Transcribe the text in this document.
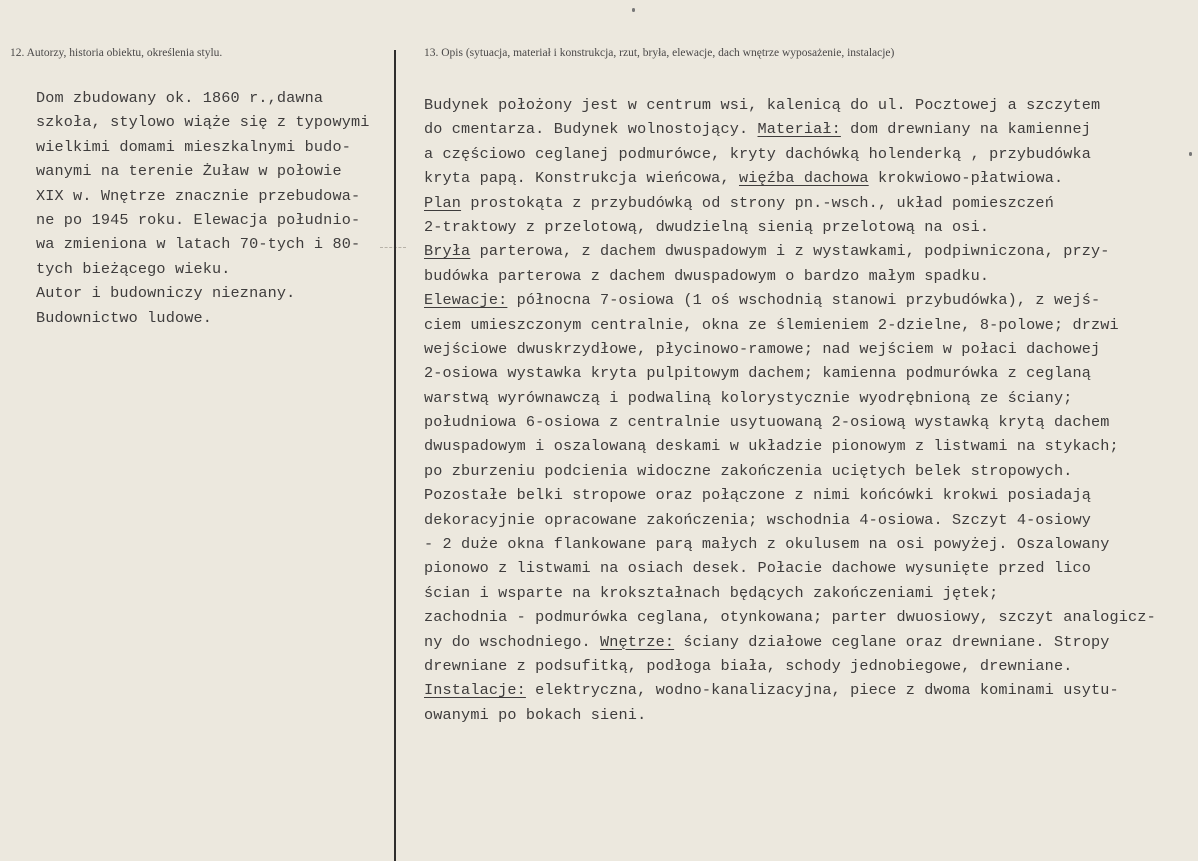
12. Autorzy, historia obiektu, określenia stylu.	13. Opis (sytuacja, materiał i konstrukcja, rzut, bryła, elewacje, dach wnętrze wyposażenie, instalacje)
Dom zbudowany ok. 1860 r.,dawna
szkoła, stylowo wiąże się z typowymi
wielkimi domami mieszkalnymi budo-
wanymi na terenie Żuław w połowie
XIX w. Wnętrze znacznie przebudowa-
ne po 1945 roku. Elewacja południo-
wa zmieniona w latach 70-tych i 80-
tych bieżącego wieku.
Autor i budowniczy nieznany.
Budownictwo ludowe.
Budynek położony jest w centrum wsi, kalenicą do ul. Pocztowej a szczytem
do cmentarza. Budynek wolnostojący. Materiał: dom drewniany na kamiennej
a częściowo ceglanej podmurówce, kryty dachówką holenderką , przybudówka
kryta papą. Konstrukcja wieńcowa, więźba dachowa krokwiowo-płatwiowa.
Plan prostokąta z przybudówką od strony pn.-wsch., układ pomieszczeń
2-traktowy z przelotową, dwudzielną sienią przelotową na osi.
Bryła parterowa, z dachem dwuspadowym i z wystawkami, podpiwniczona, przy-
budówka parterowa z dachem dwuspadowym o bardzo małym spadku.
Elewacje: północna 7-osiowa (1 oś wschodnią stanowi przybudówka), z wejś-
ciem umieszczonym centralnie, okna ze ślemieniem 2-dzielne, 8-polowe; drzwi
wejściowe dwuskrzydłowe, płycinowo-ramowe; nad wejściem w połaci dachowej
2-osiowa wystawka kryta pulpitowym dachem; kamienna podmurówka z ceglaną
warstwą wyrównawczą i podwaliną kolorystycznie wyodrębnioną ze ściany;
południowa 6-osiowa z centralnie usytuowaną 2-osiową wystawką krytą dachem
dwuspadowym i oszalowaną deskami w układzie pionowym z listwami na stykach;
po zburzeniu podcienia widoczne zakończenia uciętych belek stropowych.
Pozostałe belki stropowe oraz połączone z nimi końcówki krokwi posiadają
dekoracyjnie opracowane zakończenia; wschodnia 4-osiowa. Szczyt 4-osiowy
- 2 duże okna flankowane parą małych z okulusem na osi powyżej. Oszalowany
pionowo z listwami na osiach desek. Połacie dachowe wysunięte przed lico
ścian i wsparte na krokształnach będących zakończeniami jętek;
zachodnia - podmurówka ceglana, otynkowana; parter dwuosiowy, szczyt analogicz-
ny do wschodniego. Wnętrze: ściany działowe ceglane oraz drewniane. Stropy
drewniane z podsufitką, podłoga biała, schody jednobiegowe, drewniane.
Instalacje: elektryczna, wodno-kanalizacyjna, piece z dwoma kominami usytu-
owanymi po bokach sieni.
